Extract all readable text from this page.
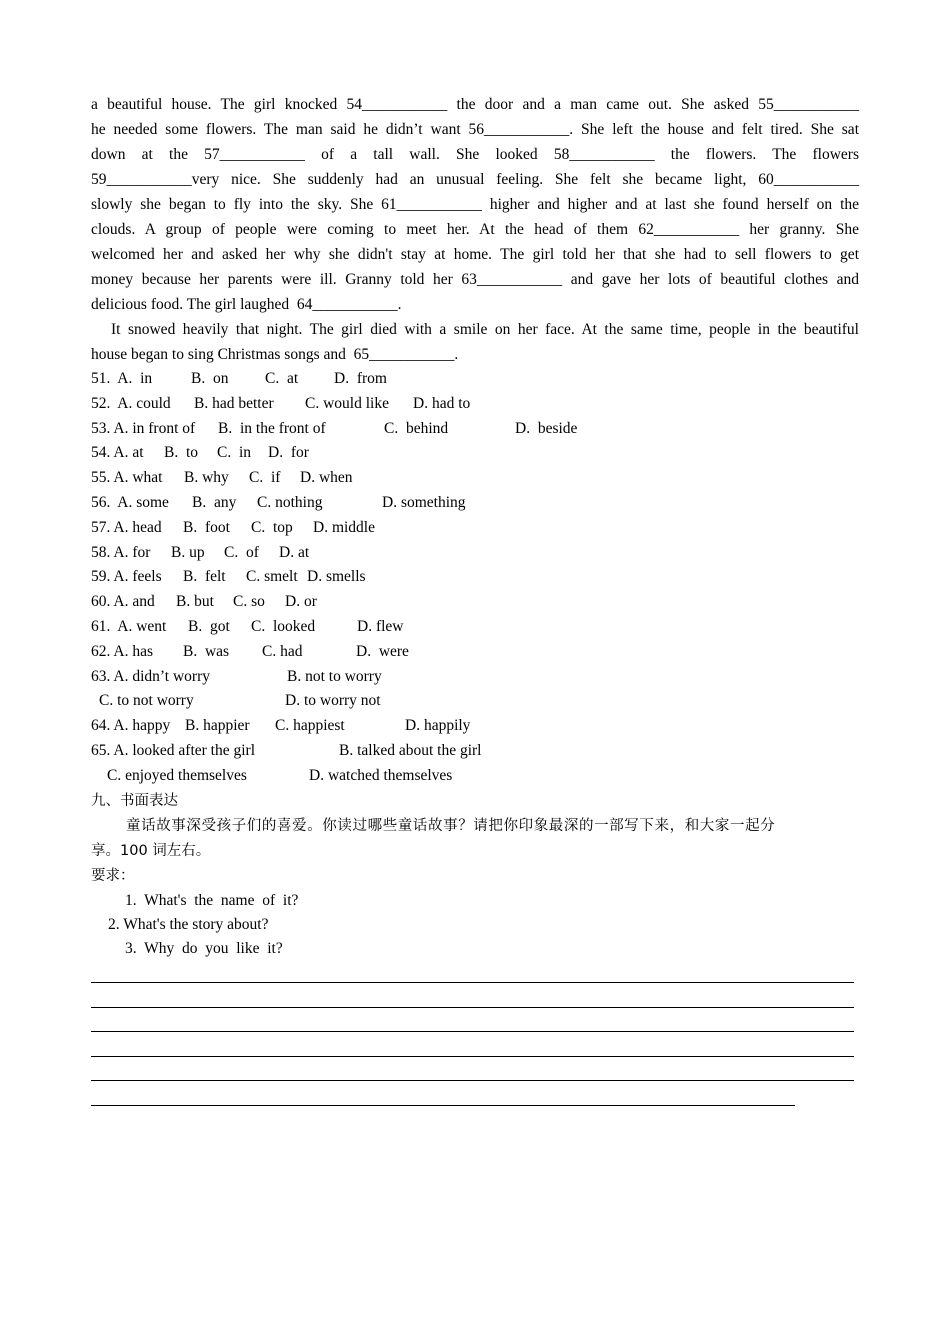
a beautiful house. The girl knocked 54___________ the door and a man came out. She asked 55___________
he needed some flowers. The man said he didn’t want 56___________. She left the house and felt tired. She sat
down at the 57___________ of a tall wall. She looked 58___________ the flowers. The flowers
59___________very nice. She suddenly had an unusual feeling. She felt she became light, 60___________
slowly she began to fly into the sky. She 61___________ higher and higher and at last she found herself on the
clouds. A group of people were coming to meet her. At the head of them 62___________ her granny. She
welcomed her and asked her why she didn't stay at home. The girl told her that she had to sell flowers to get
money because her parents were ill. Granny told her 63___________ and gave her lots of beautiful clothes and
delicious food. The girl laughed  64___________.
It snowed heavily that night. The girl died with a smile on her face. At the same time, people in the beautiful
house began to sing Christmas songs and  65___________.

51.  A.  in

	B.  on

C.  at

D.  from

52.  A. could

B. had better

C. would like

D. had to

53. A. in front of

B.  in the front of

	C.  behind

	D.  beside

54. A. at

B.  to

C.  in

D.  for

55. A. what

B. why

C.  if

D. when

56.  A. some

B.  any

C. nothing

	D. something

57. A. head

B.  foot

C.  top

D. middle

58. A. for

B. up

C.  of

D. at

59. A. feels

B.  felt

C. smelt

D. smells

60. A. and

B. but

C. so

D. or

61.  A. went

B.  got

C.  looked

	D. flew

62. A. has

B.  was

C. had

	D.  were

63. A. didn’t worry

	B. not to worry

C. to not worry

	D. to worry not

64. A. happy

B. happier

C. happiest

	D. happily

65. A. looked after the girl

	B. talked about the girl

C. enjoyed themselves

	D. watched themselves

九、书面表达
童话故事深受孩子们的喜爱。你读过哪些童话故事？请把你印象最深的一部写下来，和大家一起分
享。100 词左右。
要求：
1.  What's  the  name  of  it?
2. What's the story about?
3.  Why  do  you  like  it?
